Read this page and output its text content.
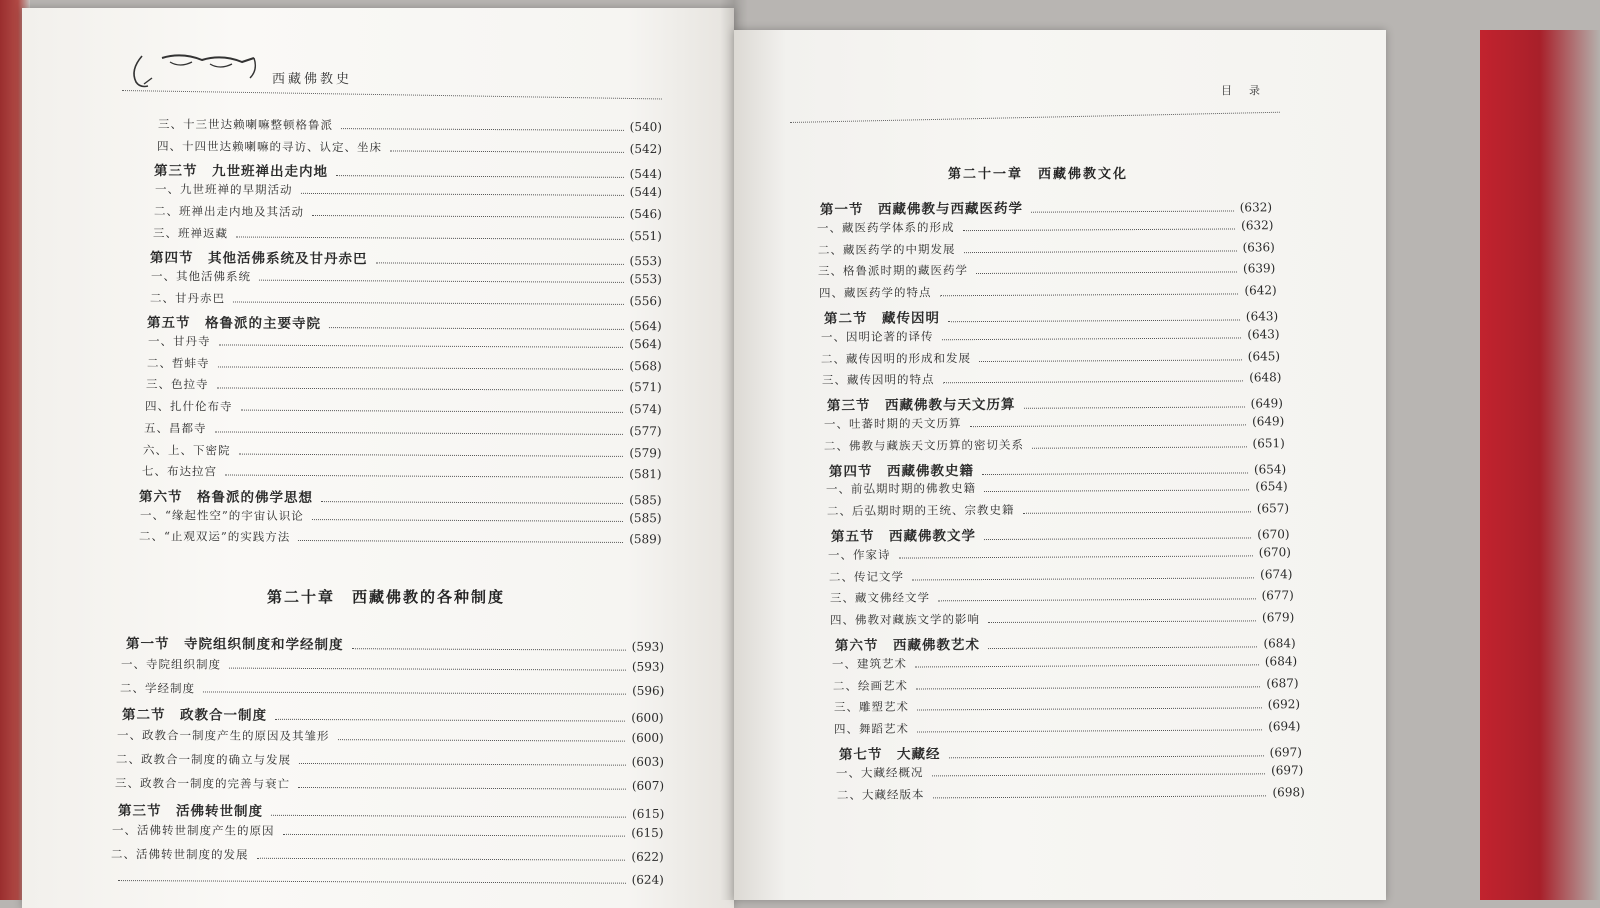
西藏佛教史
三、十三世达赖喇嘛整顿格鲁派	(540)
四、十四世达赖喇嘛的寻访、认定、坐床	(542)
第三节　九世班禅出走内地	(544)
一、九世班禅的早期活动	(544)
二、班禅出走内地及其活动	(546)
三、班禅返藏	(551)
第四节　其他活佛系统及甘丹赤巴	(553)
一、其他活佛系统	(553)
二、甘丹赤巴	(556)
第五节　格鲁派的主要寺院	(564)
一、甘丹寺	(564)
二、哲蚌寺	(568)
三、色拉寺	(571)
四、扎什伦布寺	(574)
五、昌都寺	(577)
六、上、下密院	(579)
七、布达拉宫	(581)
第六节　格鲁派的佛学思想	(585)
一、“缘起性空”的宇宙认识论	(585)
二、“止观双运”的实践方法	(589)
第二十章　西藏佛教的各种制度
第一节　寺院组织制度和学经制度	(593)
一、寺院组织制度	(593)
二、学经制度	(596)
第二节　政教合一制度	(600)
一、政教合一制度产生的原因及其雏形	(600)
二、政教合一制度的确立与发展	(603)
三、政教合一制度的完善与衰亡	(607)
第三节　活佛转世制度	(615)
一、活佛转世制度产生的原因	(615)
二、活佛转世制度的发展	(622)
(624)
目　录
第二十一章　西藏佛教文化
第一节　西藏佛教与西藏医药学	(632)
一、藏医药学体系的形成	(632)
二、藏医药学的中期发展	(636)
三、格鲁派时期的藏医药学	(639)
四、藏医药学的特点	(642)
第二节　藏传因明	(643)
一、因明论著的译传	(643)
二、藏传因明的形成和发展	(645)
三、藏传因明的特点	(648)
第三节　西藏佛教与天文历算	(649)
一、吐蕃时期的天文历算	(649)
二、佛教与藏族天文历算的密切关系	(651)
第四节　西藏佛教史籍	(654)
一、前弘期时期的佛教史籍	(654)
二、后弘期时期的王统、宗教史籍	(657)
第五节　西藏佛教文学	(670)
一、作家诗	(670)
二、传记文学	(674)
三、藏文佛经文学	(677)
四、佛教对藏族文学的影响	(679)
第六节　西藏佛教艺术	(684)
一、建筑艺术	(684)
二、绘画艺术	(687)
三、雕塑艺术	(692)
四、舞蹈艺术	(694)
第七节　大藏经	(697)
一、大藏经概况	(697)
二、大藏经版本	(698)
